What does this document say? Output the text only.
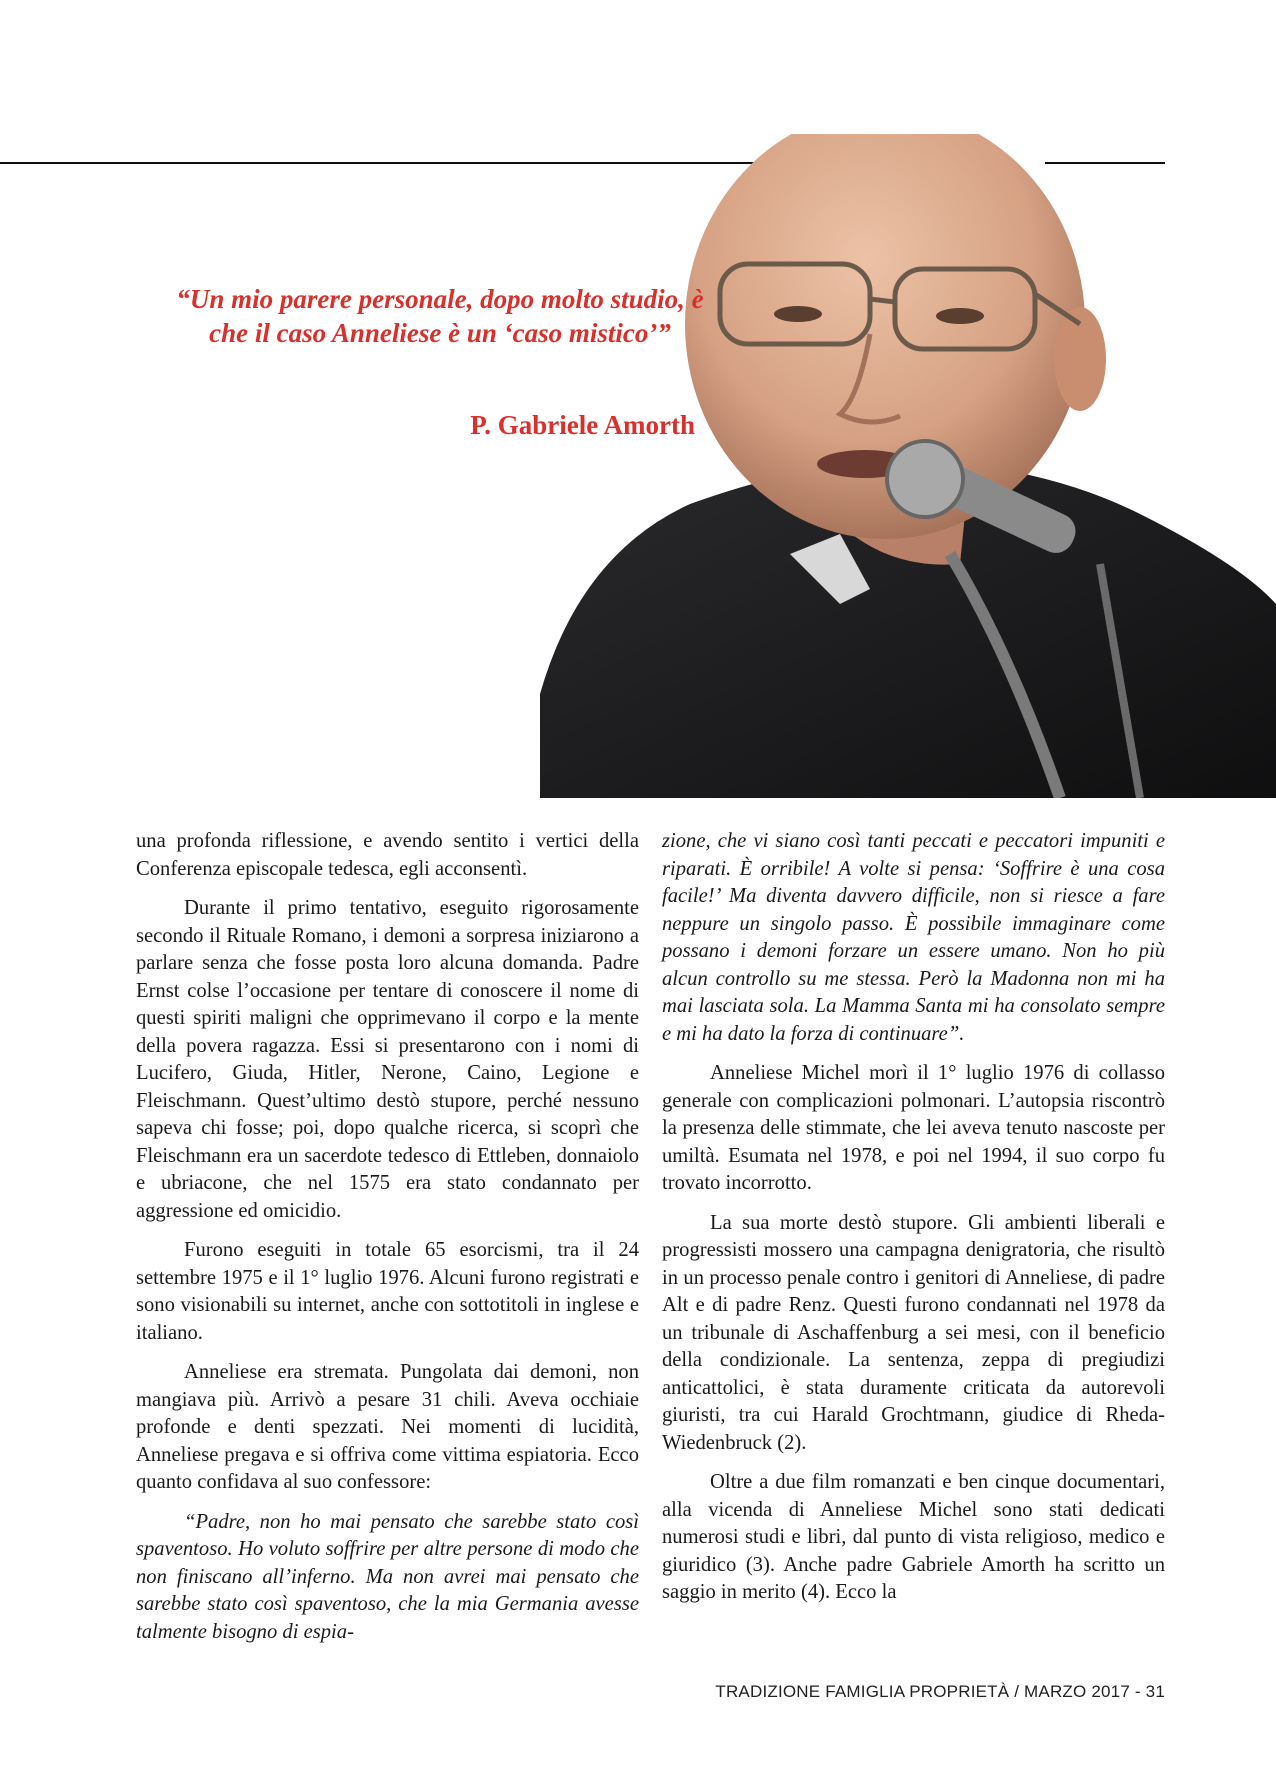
“Un mio parere personale, dopo molto studio, è che il caso Anneliese è un ‘caso mistico’”
P. Gabriele Amorth

una profonda riflessione, e avendo sentito i vertici della Conferenza episcopale tedesca, egli acconsentì.

Durante il primo tentativo, eseguito rigorosamente secondo il Rituale Romano, i demoni a sorpresa iniziarono a parlare senza che fosse posta loro alcuna domanda. Padre Ernst colse l’occasione per tentare di conoscere il nome di questi spiriti maligni che opprimevano il corpo e la mente della povera ragazza. Essi si presentarono con i nomi di Lucifero, Giuda, Hitler, Nerone, Caino, Legione e Fleischmann. Quest’ultimo destò stupore, perché nessuno sapeva chi fosse; poi, dopo qualche ricerca, si scoprì che Fleischmann era un sacerdote tedesco di Ettleben, donnaiolo e ubriacone, che nel 1575 era stato condannato per aggressione ed omicidio.

Furono eseguiti in totale 65 esorcismi, tra il 24 settembre 1975 e il 1° luglio 1976. Alcuni furono registrati e sono visionabili su internet, anche con sottotitoli in inglese e italiano.

Anneliese era stremata. Pungolata dai demoni, non mangiava più. Arrivò a pesare 31 chili. Aveva occhiaie profonde e denti spezzati. Nei momenti di lucidità, Anneliese pregava e si offriva come vittima espiatoria. Ecco quanto confidava al suo confessore:

“Padre, non ho mai pensato che sarebbe stato così spaventoso. Ho voluto soffrire per altre persone di modo che non finiscano all’inferno. Ma non avrei mai pensato che sarebbe stato così spaventoso, che la mia Germania avesse talmente bisogno di espia-

zione, che vi siano così tanti peccati e peccatori impuniti e riparati. È orribile! A volte si pensa: ‘Soffrire è una cosa facile!’ Ma diventa davvero difficile, non si riesce a fare neppure un singolo passo. È possibile immaginare come possano i demoni forzare un essere umano. Non ho più alcun controllo su me stessa. Però la Madonna non mi ha mai lasciata sola. La Mamma Santa mi ha consolato sempre e mi ha dato la forza di continuare”.

Anneliese Michel morì il 1° luglio 1976 di collasso generale con complicazioni polmonari. L’autopsia riscontrò la presenza delle stimmate, che lei aveva tenuto nascoste per umiltà. Esumata nel 1978, e poi nel 1994, il suo corpo fu trovato incorrotto.

La sua morte destò stupore. Gli ambienti liberali e progressisti mossero una campagna denigratoria, che risultò in un processo penale contro i genitori di Anneliese, di padre Alt e di padre Renz. Questi furono condannati nel 1978 da un tribunale di Aschaffenburg a sei mesi, con il beneficio della condizionale. La sentenza, zeppa di pregiudizi anticattolici, è stata duramente criticata da autorevoli giuristi, tra cui Harald Grochtmann, giudice di Rheda-Wiedenbruck (2).

Oltre a due film romanzati e ben cinque documentari, alla vicenda di Anneliese Michel sono stati dedicati numerosi studi e libri, dal punto di vista religioso, medico e giuridico (3). Anche padre Gabriele Amorth ha scritto un saggio in merito (4). Ecco la

TRADIZIONE FAMIGLIA PROPRIETÀ / MARZO 2017 - 31
